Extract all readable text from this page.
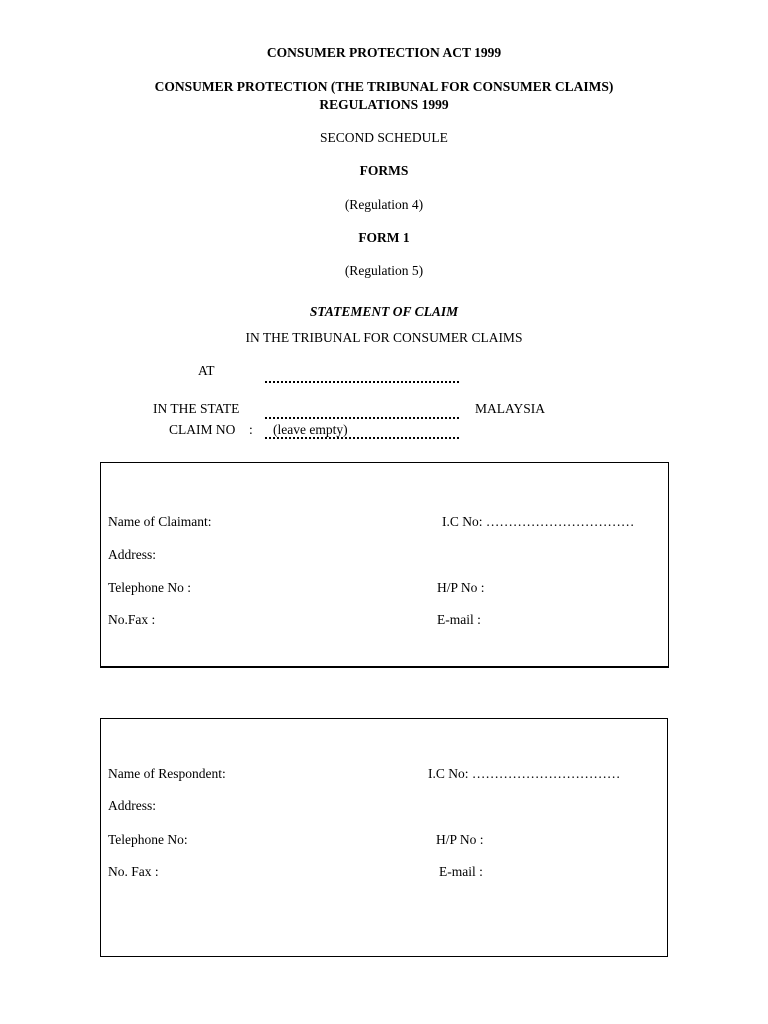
CONSUMER PROTECTION ACT 1999
CONSUMER PROTECTION (THE TRIBUNAL FOR CONSUMER CLAIMS)
REGULATIONS 1999
SECOND SCHEDULE
FORMS
(Regulation 4)
FORM 1
(Regulation 5)
STATEMENT OF CLAIM
IN THE TRIBUNAL FOR CONSUMER CLAIMS
AT
IN THE STATE	MALAYSIA
CLAIM NO : (leave empty)
Name of Claimant:	I.C No: ……………………………
Address:
Telephone No :	H/P No :
No.Fax :	E-mail :
Name of Respondent:	I.C No: ……………………………
Address:
Telephone No:	H/P No :
No. Fax :	E-mail :
